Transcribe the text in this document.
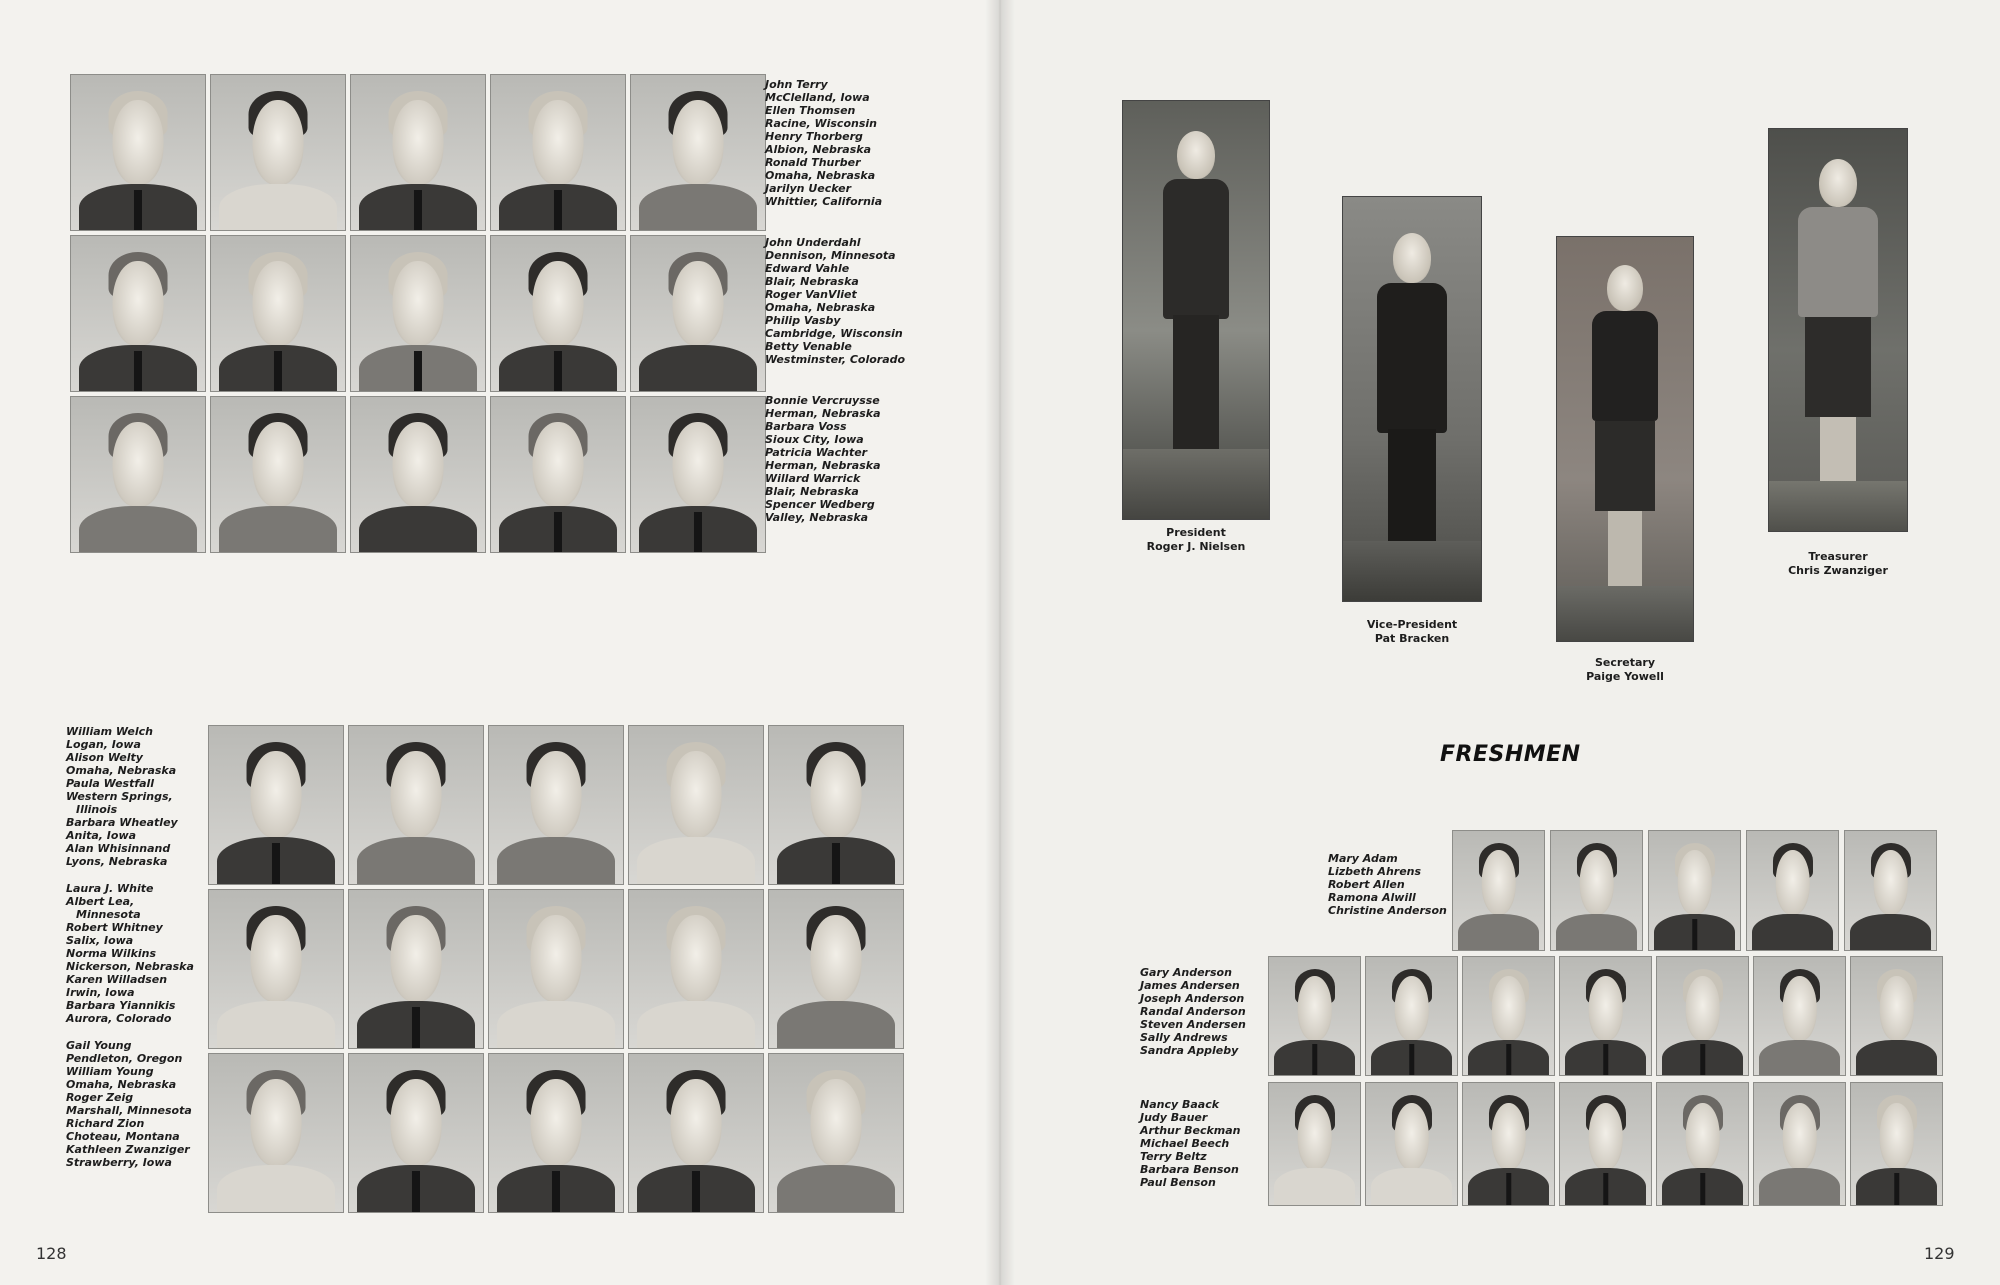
John Terry
McClelland, Iowa
Ellen Thomsen
Racine, Wisconsin
Henry Thorberg
Albion, Nebraska
Ronald Thurber
Omaha, Nebraska
Jarilyn Uecker
Whittier, California
John Underdahl
Dennison, Minnesota
Edward Vahle
Blair, Nebraska
Roger VanVliet
Omaha, Nebraska
Philip Vasby
Cambridge, Wisconsin
Betty Venable
Westminster, Colorado
Bonnie Vercruysse
Herman, Nebraska
Barbara Voss
Sioux City, Iowa
Patricia Wachter
Herman, Nebraska
Willard Warrick
Blair, Nebraska
Spencer Wedberg
Valley, Nebraska
William Welch
Logan, Iowa
Alison Welty
Omaha, Nebraska
Paula Westfall
Western Springs,
Illinois
Barbara Wheatley
Anita, Iowa
Alan Whisinnand
Lyons, Nebraska
Laura J. White
Albert Lea,
Minnesota
Robert Whitney
Salix, Iowa
Norma Wilkins
Nickerson, Nebraska
Karen Willadsen
Irwin, Iowa
Barbara Yiannikis
Aurora, Colorado
Gail Young
Pendleton, Oregon
William Young
Omaha, Nebraska
Roger Zeig
Marshall, Minnesota
Richard Zion
Choteau, Montana
Kathleen Zwanziger
Strawberry, Iowa
128
President
Roger J. Nielsen
Vice-President
Pat Bracken
Secretary
Paige Yowell
Treasurer
Chris Zwanziger
FRESHMEN
Mary Adam
Lizbeth Ahrens
Robert Allen
Ramona Alwill
Christine Anderson
Gary Anderson
James Andersen
Joseph Anderson
Randal Anderson
Steven Andersen
Sally Andrews
Sandra Appleby
Nancy Baack
Judy Bauer
Arthur Beckman
Michael Beech
Terry Beltz
Barbara Benson
Paul Benson
129
